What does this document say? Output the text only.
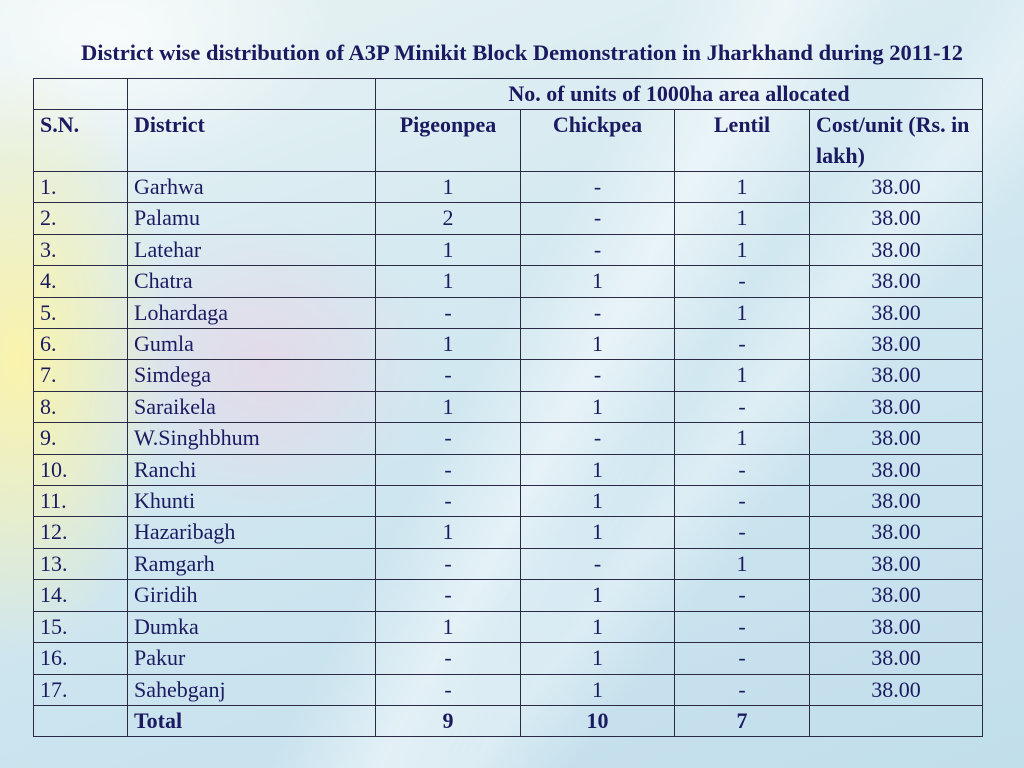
District wise distribution of A3P Minikit Block Demonstration in Jharkhand during 2011-12
		No. of units of 1000ha area allocated			
S.N.	District	Pigeonpea	Chickpea	Lentil	Cost/unit (Rs. in lakh)
1.	Garhwa	1	-	1	38.00
2.	Palamu	2	-	1	38.00
3.	Latehar	1	-	1	38.00
4.	Chatra	1	1	-	38.00
5.	Lohardaga	-	-	1	38.00
6.	Gumla	1	1	-	38.00
7.	Simdega	-	-	1	38.00
8.	Saraikela	1	1	-	38.00
9.	W.Singhbhum	-	-	1	38.00
10.	Ranchi	-	1	-	38.00
11.	Khunti	-	1	-	38.00
12.	Hazaribagh	1	1	-	38.00
13.	Ramgarh	-	-	1	38.00
14.	Giridih	-	1	-	38.00
15.	Dumka	1	1	-	38.00
16.	Pakur	-	1	-	38.00
17.	Sahebganj	-	1	-	38.00
	Total	9	10	7	
